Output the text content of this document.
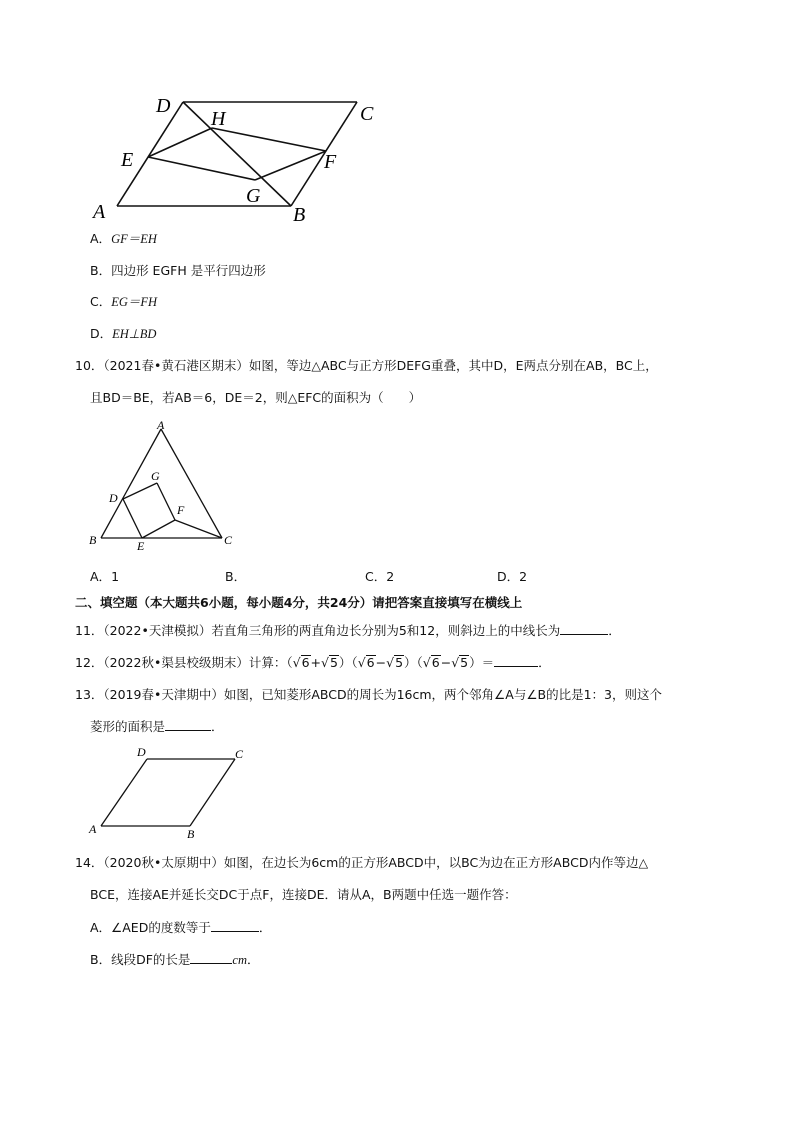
A	B
C
D
E	F
G
H
A．GF＝EH
B．四边形 EGFH 是平行四边形
C．EG＝FH
D．EH⊥BD
10．（2021春•黄石港区期末）如图，等边△ABC与正方形DEFG重叠，其中D，E两点分别在AB，BC上，
且BD＝BE，若AB＝6，DE＝2，则△EFC的面积为（　　）
A
B	C
D
E
F
G
A．1	B．	C．2	D．2
二、填空题（本大题共6小题，每小题4分，共24分）请把答案直接填写在横线上
11．（2022•天津模拟）若直角三角形的两直角边长分别为5和12，则斜边上的中线长为	．
12．（2022秋•渠县校级期末）计算：（√6+√5）（√6−√5）（√6−√5）＝	．
13．（2019春•天津期中）如图，已知菱形ABCD的周长为16cm，两个邻角∠A与∠B的比是1：3，则这个
菱形的面积是	．
A	B
C
D
14．（2020秋•太原期中）如图，在边长为6cm的正方形ABCD中，以BC为边在正方形ABCD内作等边△
BCE，连接AE并延长交DC于点F，连接DE．请从A，B两题中任选一题作答：
A．∠AED的度数等于	．
B．线段DF的长是	cm．
